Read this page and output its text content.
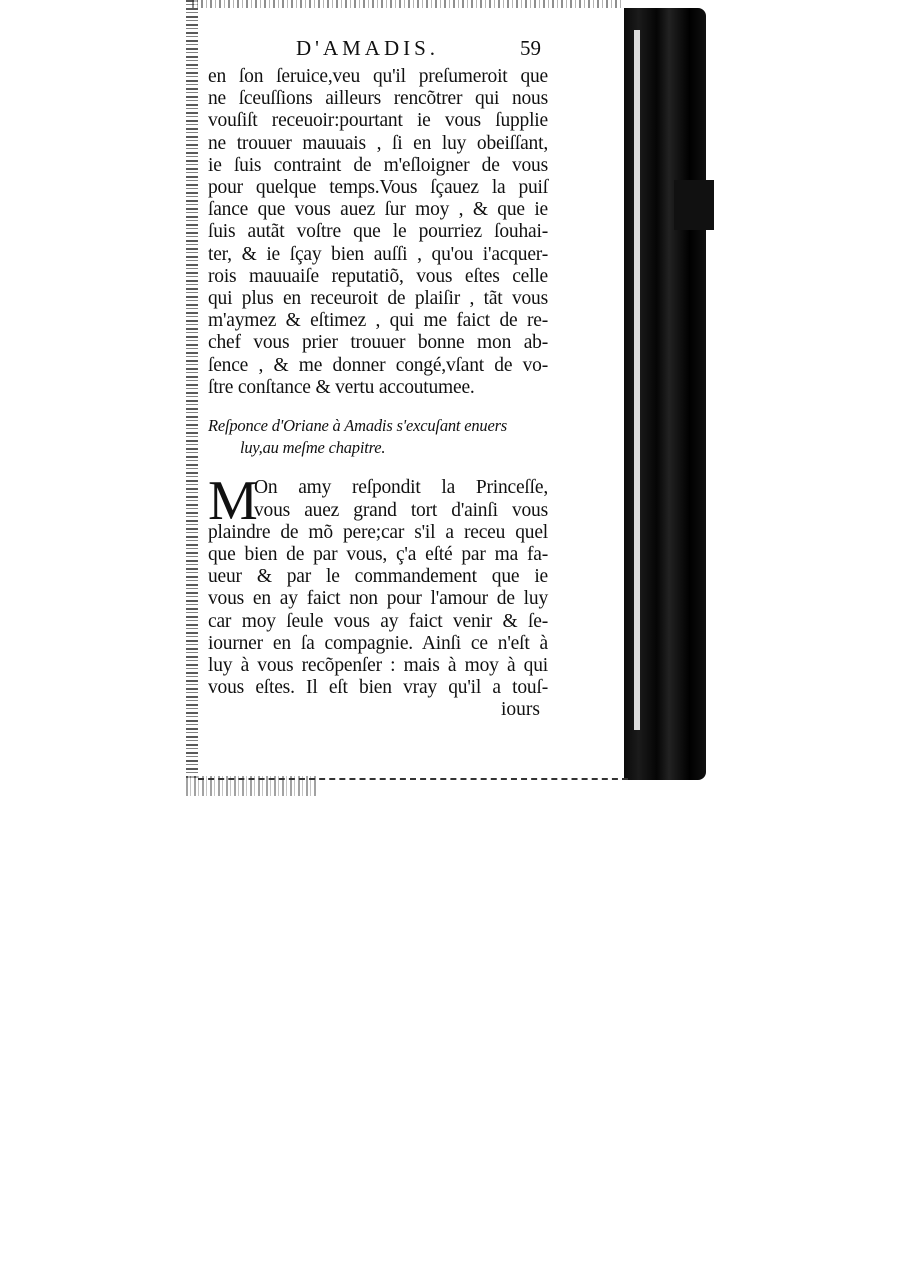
D'AMADIS.	59
en ſon ſeruice,veu qu'il preſumeroit que
ne ſceuſſions ailleurs rencõtrer qui nous
vouſiſt receuoir:pourtant ie vous ſupplie
ne trouuer mauuais , ſi en luy obeiſſant,
ie ſuis contraint de m'eſloigner de vous
pour quelque temps.Vous ſçauez la puiſ
ſance que vous auez ſur moy , & que ie
ſuis autãt voſtre que le pourriez ſouhai-
ter, & ie ſçay bien auſſi , qu'ou i'acquer-
rois mauuaiſe reputatiõ, vous eſtes celle
qui plus en receuroit de plaiſir , tãt vous
m'aymez & eſtimez , qui me faict de re-
chef vous prier trouuer bonne mon ab-
ſence , & me donner congé,vſant de vo-
ſtre conſtance & vertu accoutumee.
Reſponce d'Oriane à Amadis s'excuſant enuers
luy,au meſme chapitre.
M
On amy reſpondit la Princeſſe,
vous auez grand tort d'ainſi vous
plaindre de mõ pere;car s'il a receu quel
que bien de par vous, ç'a eſté par ma fa-
ueur & par le commandement que ie
vous en ay faict non pour l'amour de luy
car moy ſeule vous ay faict venir & ſe-
iourner en ſa compagnie. Ainſi ce n'eſt à
luy à vous recõpenſer : mais à moy à qui
vous eſtes. Il eſt bien vray qu'il a touſ-
iours
